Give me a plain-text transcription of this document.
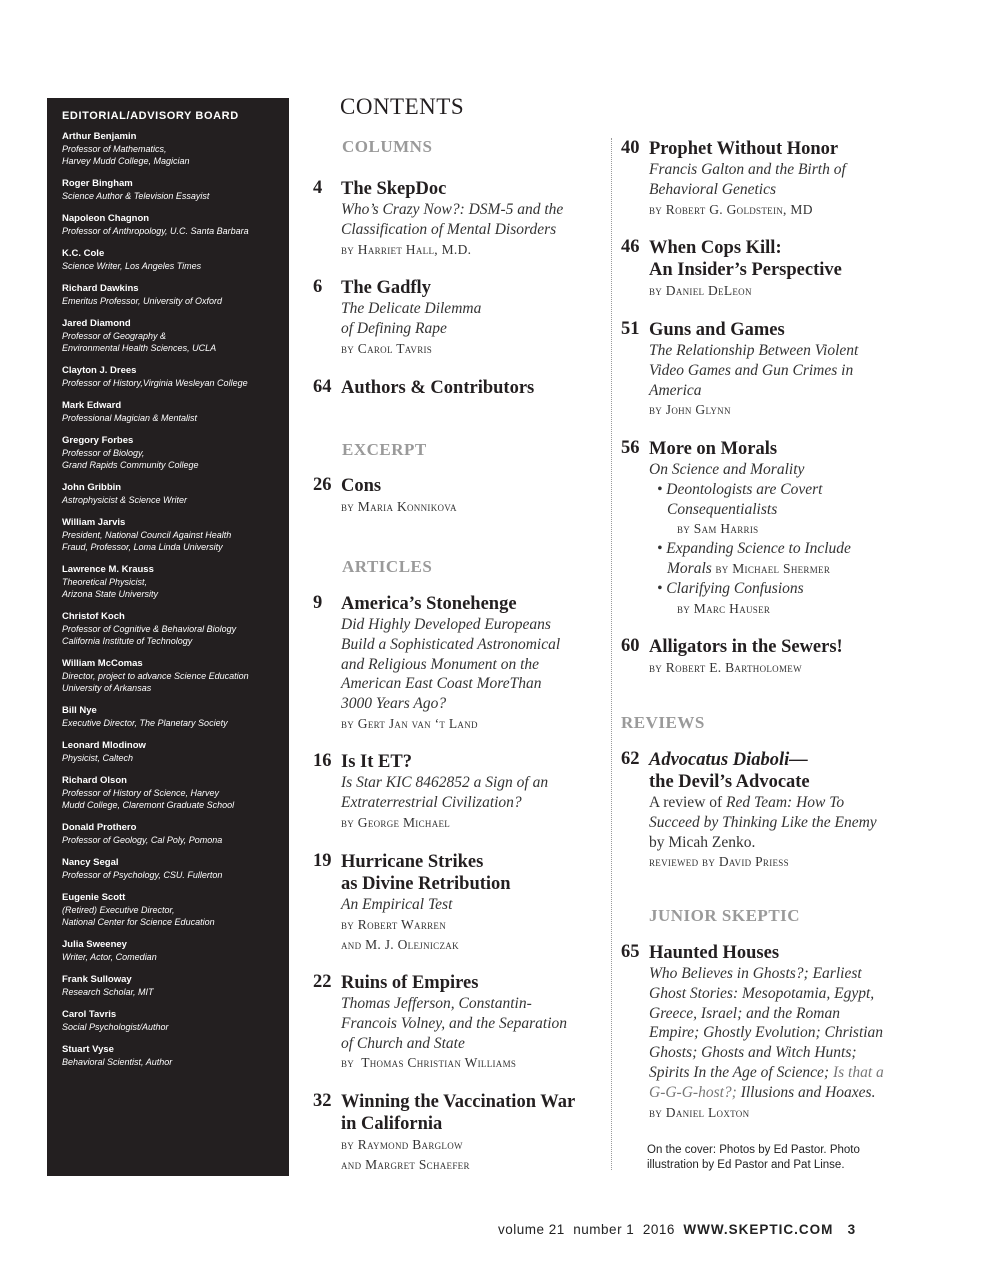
EDITORIAL/ADVISORY BOARD
Arthur Benjamin
Professor of Mathematics,
Harvey Mudd College, Magician
Roger Bingham
Science Author & Television Essayist
Napoleon Chagnon
Professor of Anthropology, U.C. Santa Barbara
K.C. Cole
Science Writer, Los Angeles Times
Richard Dawkins
Emeritus Professor, University of Oxford
Jared Diamond
Professor of Geography &
Environmental Health Sciences, UCLA
Clayton J. Drees
Professor of History,Virginia Wesleyan College
Mark Edward
Professional Magician & Mentalist
Gregory Forbes
Professor of Biology,
Grand Rapids Community College
John Gribbin
Astrophysicist & Science Writer
William Jarvis
President, National Council Against Health
Fraud, Professor, Loma Linda University
Lawrence M. Krauss
Theoretical Physicist,
Arizona State University
Christof Koch
Professor of Cognitive & Behavioral Biology
California Institute of Technology
William McComas
Director, project to advance Science Education
University of Arkansas
Bill Nye
Executive Director, The Planetary Society
Leonard Mlodinow
Physicist, Caltech
Richard Olson
Professor of History of Science, Harvey
Mudd College, Claremont Graduate School
Donald Prothero
Professor of Geology, Cal Poly, Pomona
Nancy Segal
Professor of Psychology, CSU. Fullerton
Eugenie Scott
(Retired) Executive Director,
National Center for Science Education
Julia Sweeney
Writer, Actor, Comedian
Frank Sulloway
Research Scholar, MIT
Carol Tavris
Social Psychologist/Author
Stuart Vyse
Behavioral Scientist, Author
CONTENTS
COLUMNS
4 The SkepDoc
Who’s Crazy Now?: DSM-5 and the
Classification of Mental Disorders
by Harriet Hall, M.D.
6 The Gadfly
The Delicate Dilemma
of Defining Rape
by Carol Tavris
64 Authors & Contributors
EXCERPT
26 Cons
by Maria Konnikova
ARTICLES
9 America’s Stonehenge
Did Highly Developed Europeans
Build a Sophisticated Astronomical
and Religious Monument on the
American East Coast MoreThan
3000 Years Ago?
by Gert Jan van ‘t Land
16 Is It ET?
Is Star KIC 8462852 a Sign of an
Extraterrestrial Civilization?
by George Michael
19 Hurricane Strikes
as Divine Retribution
An Empirical Test
by Robert Warren
and M. J. Olejniczak
22 Ruins of Empires
Thomas Jefferson, Constantin-
Francois Volney, and the Separation
of Church and State
by  Thomas Christian Williams
32 Winning the Vaccination War
in California
by Raymond Barglow
and Margret Schaefer
40 Prophet Without Honor
Francis Galton and the Birth of
Behavioral Genetics
by Robert G. Goldstein, MD
46 When Cops Kill:
An Insider’s Perspective
by Daniel DeLeon
51 Guns and Games
The Relationship Between Violent
Video Games and Gun Crimes in
America
by John Glynn
56 More on Morals
On Science and Morality
• Deontologists are Covert
Consequentialists
by Sam Harris
• Expanding Science to Include
Morals by Michael Shermer
• Clarifying Confusions
by Marc Hauser
60 Alligators in the Sewers!
by Robert E. Bartholomew
REVIEWS
62 Advocatus Diaboli—
the Devil’s Advocate
A review of Red Team: How To
Succeed by Thinking Like the Enemy
by Micah Zenko.
reviewed by David Priess
JUNIOR SKEPTIC
65 Haunted Houses
Who Believes in Ghosts?; Earliest
Ghost Stories: Mesopotamia, Egypt,
Greece, Israel; and the Roman
Empire; Ghostly Evolution; Christian
Ghosts; Ghosts and Witch Hunts;
Spirits In the Age of Science; Is that a
G-G-G-host?; Illusions and Hoaxes.
by Daniel Loxton
On the cover: Photos by Ed Pastor. Photo
illustration by Ed Pastor and Pat Linse.
volume 21  number 1  2016  WWW.SKEPTIC.COM 3
